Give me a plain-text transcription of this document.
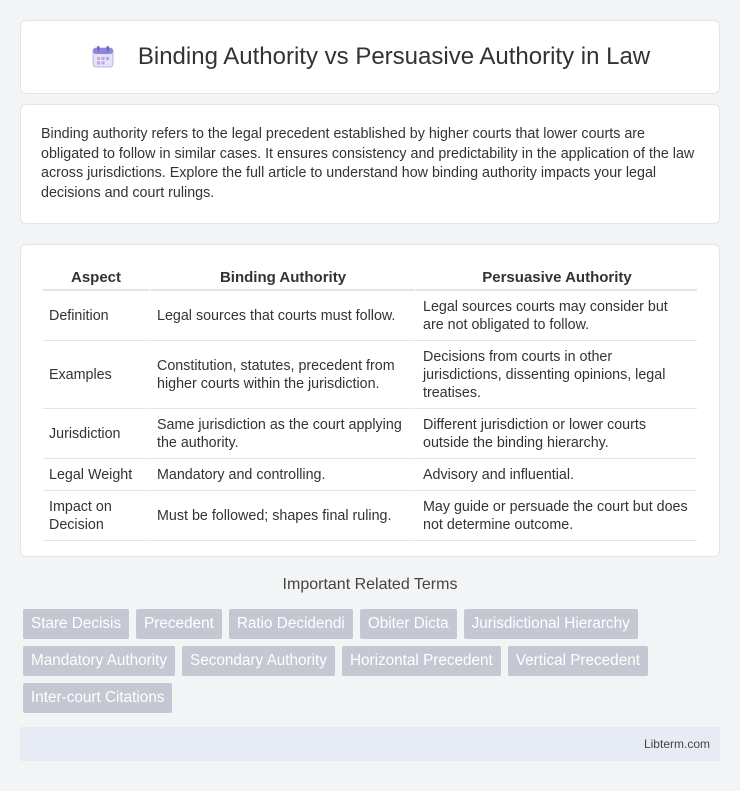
Binding Authority vs Persuasive Authority in Law

Binding authority refers to the legal precedent established by higher courts that lower courts are obligated to follow in similar cases. It ensures consistency and predictability in the application of the law across jurisdictions. Explore the full article to understand how binding authority impacts your legal decisions and court rulings.

Aspect	Binding Authority	Persuasive Authority
Definition	Legal sources that courts must follow.	Legal sources courts may consider but are not obligated to follow.
Examples	Constitution, statutes, precedent from higher courts within the jurisdiction.	Decisions from courts in other jurisdictions, dissenting opinions, legal treatises.
Jurisdiction	Same jurisdiction as the court applying the authority.	Different jurisdiction or lower courts outside the binding hierarchy.
Legal Weight	Mandatory and controlling.	Advisory and influential.
Impact on Decision	Must be followed; shapes final ruling.	May guide or persuade the court but does not determine outcome.
Important Related Terms
Stare Decisis	Precedent	Ratio Decidendi	Obiter Dicta	Jurisdictional Hierarchy
Mandatory Authority	Secondary Authority	Horizontal Precedent	Vertical Precedent
Inter-court Citations
Libterm.com
